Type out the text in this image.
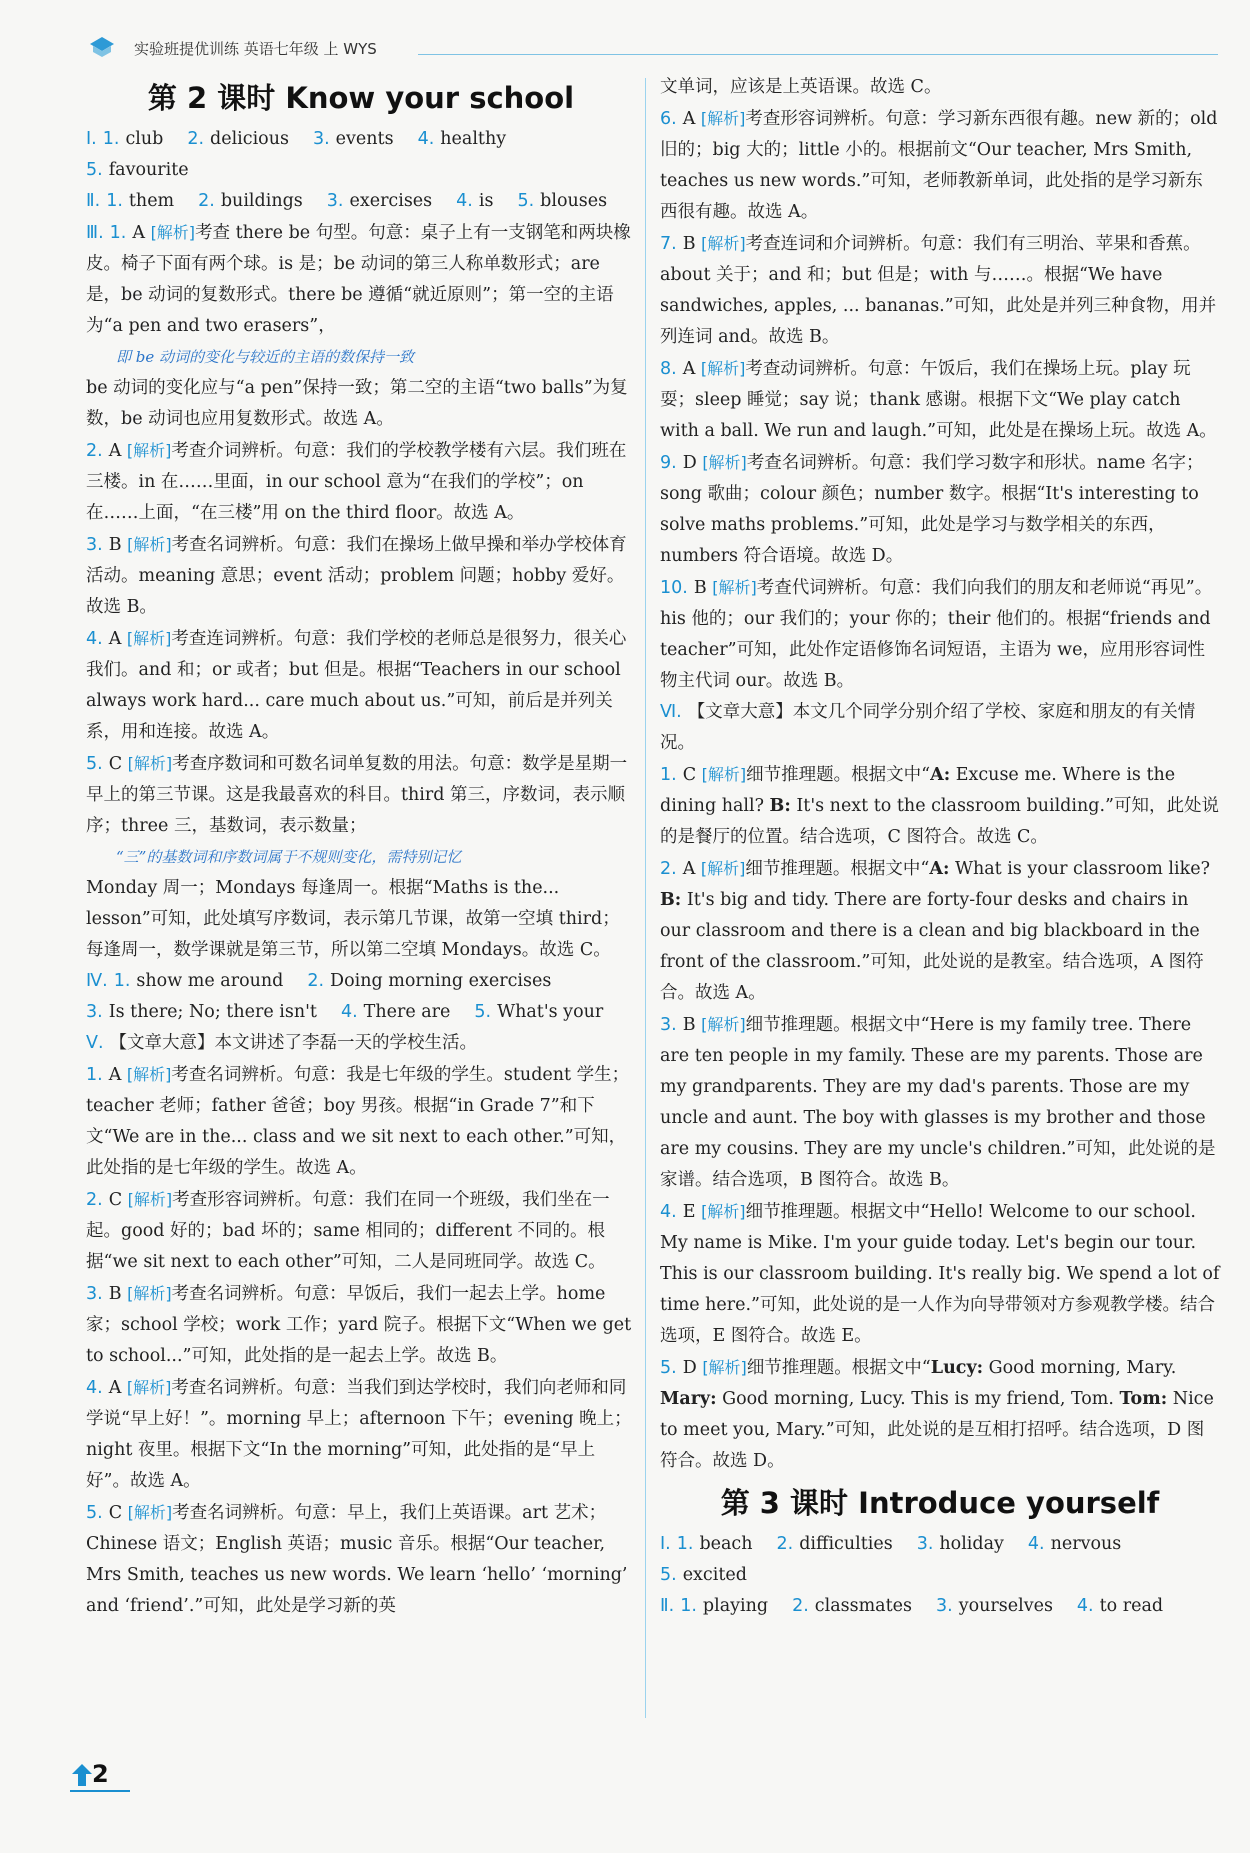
实验班提优训练 英语七年级 上 WYS
第 2 课时 Know your school
Ⅰ. 1. club 2. delicious 3. events 4. healthy
5. favourite
Ⅱ. 1. them 2. buildings 3. exercises 4. is 5. blouses

Ⅲ. 1. A [解析]考查 there be 句型。句意：桌子上有一支钢笔和两块橡皮。椅子下面有两个球。is 是；be 动词的第三人称单数形式；are 是，be 动词的复数形式。there be 遵循“就近原则”；第一空的主语为“a pen and two erasers”，

即 be 动词的变化与较近的主语的数保持一致

be 动词的变化应与“a pen”保持一致；第二空的主语“two balls”为复数，be 动词也应用复数形式。故选 A。

2. A [解析]考查介词辨析。句意：我们的学校教学楼有六层。我们班在三楼。in 在……里面，in our school 意为“在我们的学校”；on 在……上面，“在三楼”用 on the third floor。故选 A。

3. B [解析]考查名词辨析。句意：我们在操场上做早操和举办学校体育活动。meaning 意思；event 活动；problem 问题；hobby 爱好。故选 B。

4. A [解析]考查连词辨析。句意：我们学校的老师总是很努力，很关心我们。and 和；or 或者；but 但是。根据“Teachers in our school always work hard... care much about us.”可知，前后是并列关系，用和连接。故选 A。

5. C [解析]考查序数词和可数名词单复数的用法。句意：数学是星期一早上的第三节课。这是我最喜欢的科目。third 第三，序数词，表示顺序；three 三，基数词，表示数量；

“三”的基数词和序数词属于不规则变化，需特别记忆

Monday 周一；Mondays 每逢周一。根据“Maths is the... lesson”可知，此处填写序数词，表示第几节课，故第一空填 third；每逢周一，数学课就是第三节，所以第二空填 Mondays。故选 C。

Ⅳ. 1. show me around 2. Doing morning exercises
3. Is there; No; there isn't 4. There are 5. What's your

Ⅴ. 【文章大意】本文讲述了李磊一天的学校生活。

1. A [解析]考查名词辨析。句意：我是七年级的学生。student 学生；teacher 老师；father 爸爸；boy 男孩。根据“in Grade 7”和下文“We are in the... class and we sit next to each other.”可知，此处指的是七年级的学生。故选 A。

2. C [解析]考查形容词辨析。句意：我们在同一个班级，我们坐在一起。good 好的；bad 坏的；same 相同的；different 不同的。根据“we sit next to each other”可知，二人是同班同学。故选 C。

3. B [解析]考查名词辨析。句意：早饭后，我们一起去上学。home 家；school 学校；work 工作；yard 院子。根据下文“When we get to school...”可知，此处指的是一起去上学。故选 B。

4. A [解析]考查名词辨析。句意：当我们到达学校时，我们向老师和同学说“早上好！”。morning 早上；afternoon 下午；evening 晚上；night 夜里。根据下文“In the morning”可知，此处指的是“早上好”。故选 A。

5. C [解析]考查名词辨析。句意：早上，我们上英语课。art 艺术；Chinese 语文；English 英语；music 音乐。根据“Our teacher, Mrs Smith, teaches us new words. We learn ‘hello’ ‘morning’ and ‘friend’.”可知，此处是学习新的英

文单词，应该是上英语课。故选 C。

6. A [解析]考查形容词辨析。句意：学习新东西很有趣。new 新的；old 旧的；big 大的；little 小的。根据前文“Our teacher, Mrs Smith, teaches us new words.”可知，老师教新单词，此处指的是学习新东西很有趣。故选 A。

7. B [解析]考查连词和介词辨析。句意：我们有三明治、苹果和香蕉。about 关于；and 和；but 但是；with 与……。根据“We have sandwiches, apples, ... bananas.”可知，此处是并列三种食物，用并列连词 and。故选 B。

8. A [解析]考查动词辨析。句意：午饭后，我们在操场上玩。play 玩耍；sleep 睡觉；say 说；thank 感谢。根据下文“We play catch with a ball. We run and laugh.”可知，此处是在操场上玩。故选 A。

9. D [解析]考查名词辨析。句意：我们学习数字和形状。name 名字；song 歌曲；colour 颜色；number 数字。根据“It's interesting to solve maths problems.”可知，此处是学习与数学相关的东西，numbers 符合语境。故选 D。

10. B [解析]考查代词辨析。句意：我们向我们的朋友和老师说“再见”。his 他的；our 我们的；your 你的；their 他们的。根据“friends and teacher”可知，此处作定语修饰名词短语，主语为 we，应用形容词性物主代词 our。故选 B。

Ⅵ. 【文章大意】本文几个同学分别介绍了学校、家庭和朋友的有关情况。

1. C [解析]细节推理题。根据文中“A: Excuse me. Where is the dining hall? B: It's next to the classroom building.”可知，此处说的是餐厅的位置。结合选项，C 图符合。故选 C。

2. A [解析]细节推理题。根据文中“A: What is your classroom like? B: It's big and tidy. There are forty-four desks and chairs in our classroom and there is a clean and big blackboard in the front of the classroom.”可知，此处说的是教室。结合选项，A 图符合。故选 A。

3. B [解析]细节推理题。根据文中“Here is my family tree. There are ten people in my family. These are my parents. Those are my grandparents. They are my dad's parents. Those are my uncle and aunt. The boy with glasses is my brother and those are my cousins. They are my uncle's children.”可知，此处说的是家谱。结合选项，B 图符合。故选 B。

4. E [解析]细节推理题。根据文中“Hello! Welcome to our school. My name is Mike. I'm your guide today. Let's begin our tour. This is our classroom building. It's really big. We spend a lot of time here.”可知，此处说的是一人作为向导带领对方参观教学楼。结合选项，E 图符合。故选 E。

5. D [解析]细节推理题。根据文中“Lucy: Good morning, Mary. Mary: Good morning, Lucy. This is my friend, Tom. Tom: Nice to meet you, Mary.”可知，此处说的是互相打招呼。结合选项，D 图符合。故选 D。

第 3 课时 Introduce yourself
Ⅰ. 1. beach 2. difficulties 3. holiday 4. nervous
5. excited
Ⅱ. 1. playing 2. classmates 3. yourselves 4. to read
2
